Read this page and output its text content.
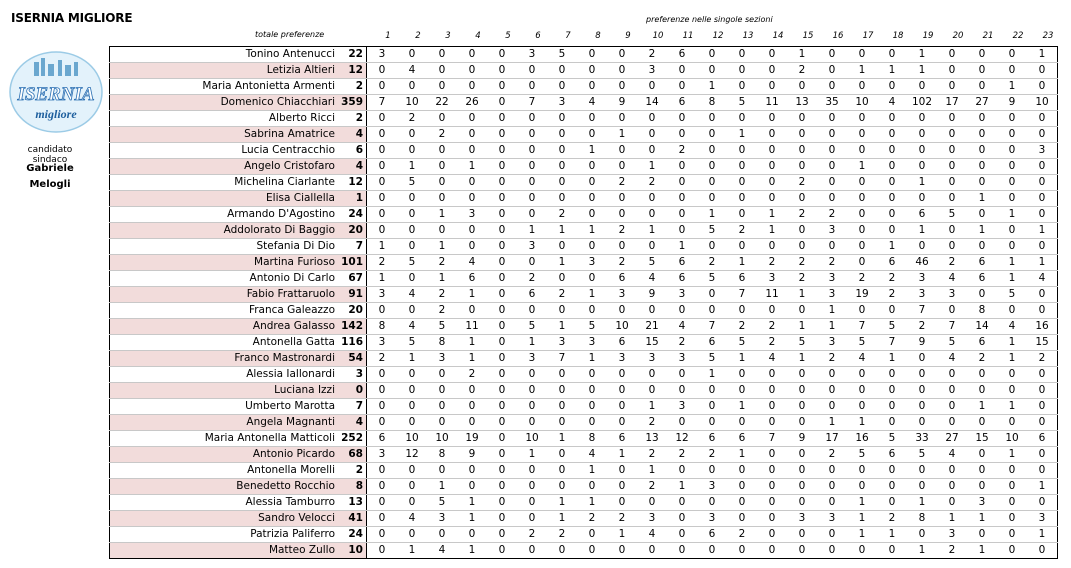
ISERNIA MIGLIORE
ISERNIA
migliore
candidato sindaco
Gabriele
Melogli
preferenze nelle singole sezioni
totale preferenze	1	2	3	4	5	6	7	8	9	10	11	12	13	14	15	16	17	18	19	20	21	22	23
Tonino Antenucci	22	3	0	0	0	0	3	5	0	0	2	6	0	0	0	1	0	0	0	1	0	0	0	1
Letizia Altieri	12	0	4	0	0	0	0	0	0	0	3	0	0	0	0	2	0	1	1	1	0	0	0	0
Maria Antonietta Armenti	2	0	0	0	0	0	0	0	0	0	0	0	1	0	0	0	0	0	0	0	0	0	1	0
Domenico Chiacchiari	359	7	10	22	26	0	7	3	4	9	14	6	8	5	11	13	35	10	4	102	17	27	9	10
Alberto Ricci	2	0	2	0	0	0	0	0	0	0	0	0	0	0	0	0	0	0	0	0	0	0	0	0
Sabrina Amatrice	4	0	0	2	0	0	0	0	0	1	0	0	0	1	0	0	0	0	0	0	0	0	0	0
Lucia Centracchio	6	0	0	0	0	0	0	0	1	0	0	2	0	0	0	0	0	0	0	0	0	0	0	3
Angelo Cristofaro	4	0	1	0	1	0	0	0	0	0	1	0	0	0	0	0	0	1	0	0	0	0	0	0
Michelina Ciarlante	12	0	5	0	0	0	0	0	0	2	2	0	0	0	0	2	0	0	0	1	0	0	0	0
Elisa Ciallella	1	0	0	0	0	0	0	0	0	0	0	0	0	0	0	0	0	0	0	0	0	1	0	0
Armando D'Agostino	24	0	0	1	3	0	0	2	0	0	0	0	1	0	1	2	2	0	0	6	5	0	1	0
Addolorato Di Baggio	20	0	0	0	0	0	1	1	1	2	1	0	5	2	1	0	3	0	0	1	0	1	0	1
Stefania Di Dio	7	1	0	1	0	0	3	0	0	0	0	1	0	0	0	0	0	0	1	0	0	0	0	0
Martina Furioso	101	2	5	2	4	0	0	1	3	2	5	6	2	1	2	2	2	0	6	46	2	6	1	1
Antonio Di Carlo	67	1	0	1	6	0	2	0	0	6	4	6	5	6	3	2	3	2	2	3	4	6	1	4
Fabio Frattaruolo	91	3	4	2	1	0	6	2	1	3	9	3	0	7	11	1	3	19	2	3	3	0	5	0
Franca Galeazzo	20	0	0	2	0	0	0	0	0	0	0	0	0	0	0	0	1	0	0	7	0	8	0	0
Andrea Galasso	142	8	4	5	11	0	5	1	5	10	21	4	7	2	2	1	1	7	5	2	7	14	4	16
Antonella Gatta	116	3	5	8	1	0	1	3	3	6	15	2	6	5	2	5	3	5	7	9	5	6	1	15
Franco Mastronardi	54	2	1	3	1	0	3	7	1	3	3	3	5	1	4	1	2	4	1	0	4	2	1	2
Alessia Iallonardi	3	0	0	0	2	0	0	0	0	0	0	0	1	0	0	0	0	0	0	0	0	0	0	0
Luciana Izzi	0	0	0	0	0	0	0	0	0	0	0	0	0	0	0	0	0	0	0	0	0	0	0	0
Umberto Marotta	7	0	0	0	0	0	0	0	0	0	1	3	0	1	0	0	0	0	0	0	0	1	1	0
Angela Magnanti	4	0	0	0	0	0	0	0	0	0	2	0	0	0	0	0	1	1	0	0	0	0	0	0
Maria Antonella Matticoli	252	6	10	10	19	0	10	1	8	6	13	12	6	6	7	9	17	16	5	33	27	15	10	6
Antonio Picardo	68	3	12	8	9	0	1	0	4	1	2	2	2	1	0	0	2	5	6	5	4	0	1	0
Antonella Morelli	2	0	0	0	0	0	0	0	1	0	1	0	0	0	0	0	0	0	0	0	0	0	0	0
Benedetto Rocchio	8	0	0	1	0	0	0	0	0	0	2	1	3	0	0	0	0	0	0	0	0	0	0	1
Alessia Tamburro	13	0	0	5	1	0	0	1	1	0	0	0	0	0	0	0	0	1	0	1	0	3	0	0
Sandro Velocci	41	0	4	3	1	0	0	1	2	2	3	0	3	0	0	3	3	1	2	8	1	1	0	3
Patrizia Paliferro	24	0	0	0	0	0	2	2	0	1	4	0	6	2	0	0	0	1	1	0	3	0	0	1
Matteo Zullo	10	0	1	4	1	0	0	0	0	0	0	0	0	0	0	0	0	0	0	1	2	1	0	0
